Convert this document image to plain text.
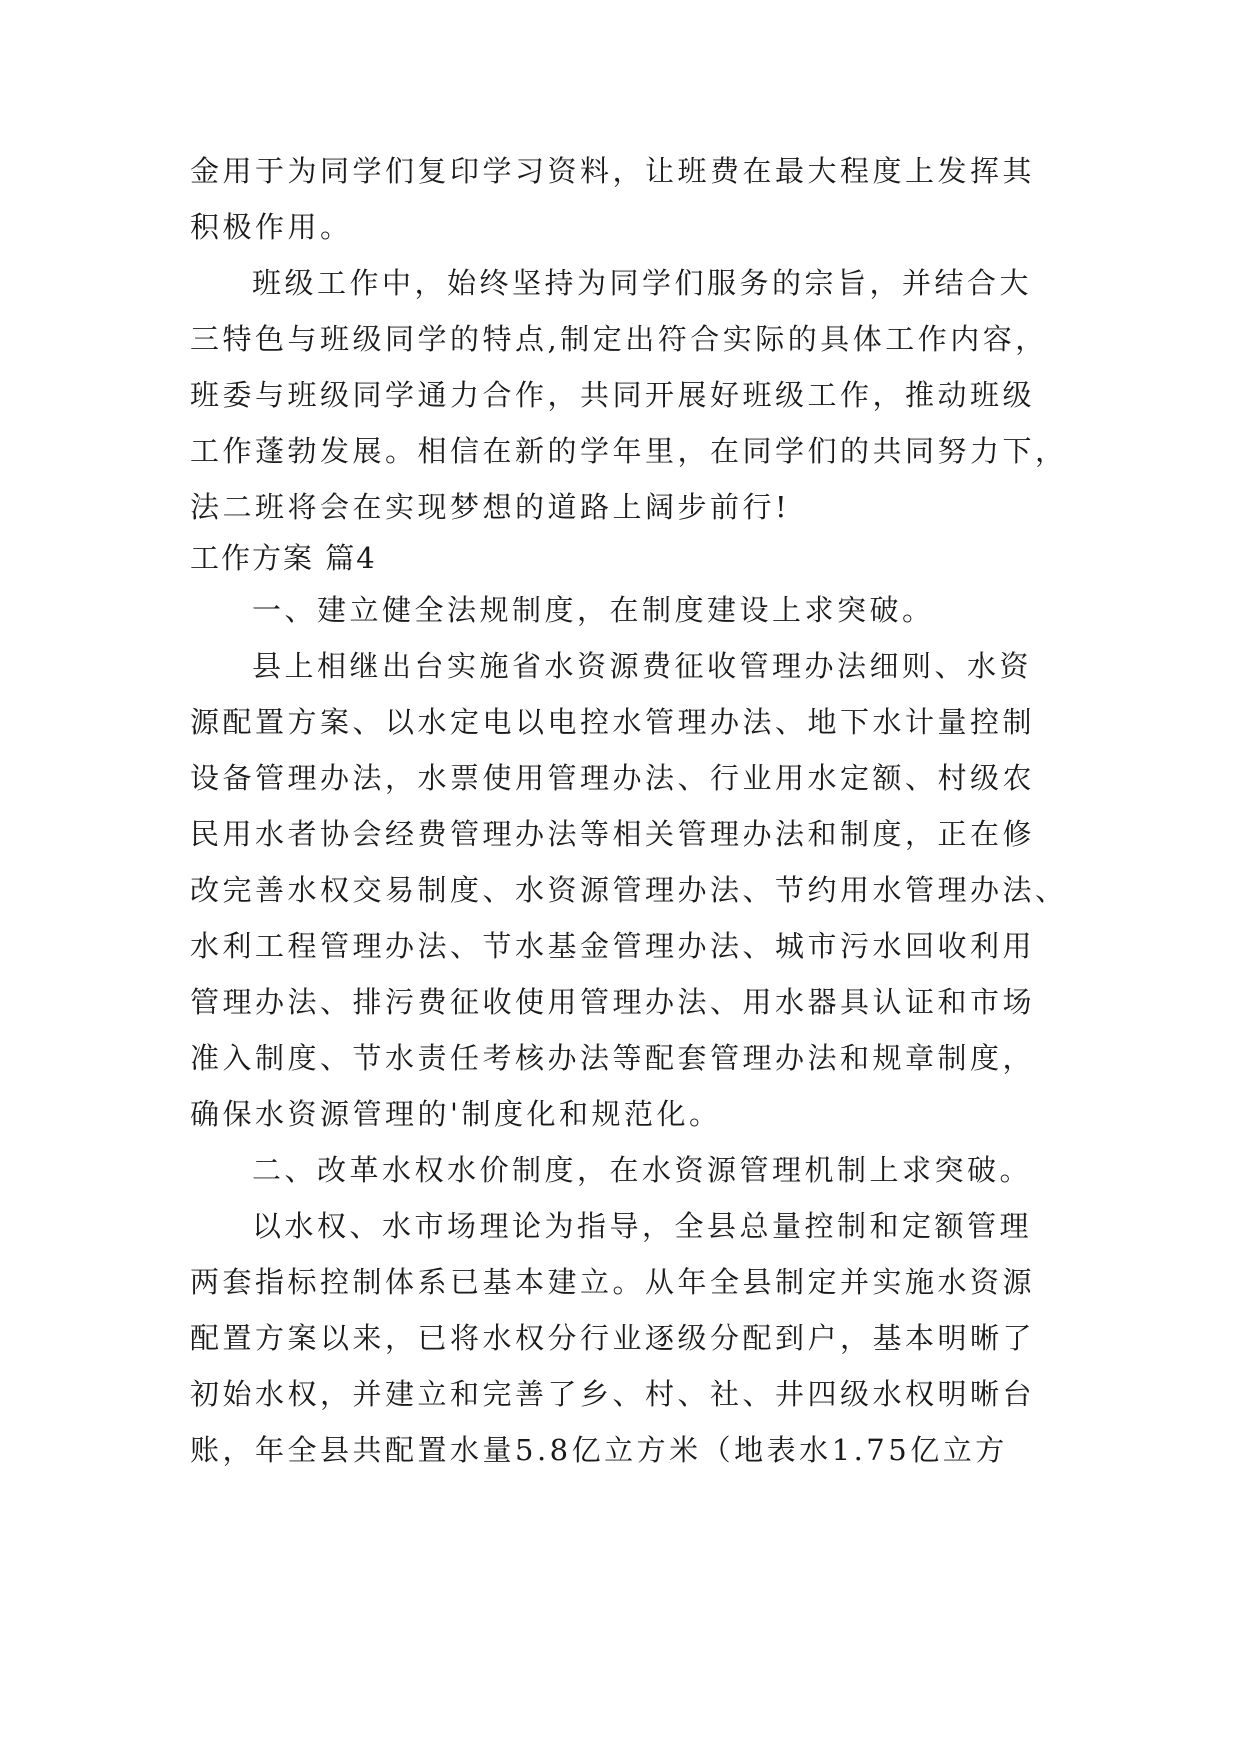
金用于为同学们复印学习资料，让班费在最大程度上发挥其
积极作用。
班级工作中，始终坚持为同学们服务的宗旨，并结合大
三特色与班级同学的特点,制定出符合实际的具体工作内容，
班委与班级同学通力合作，共同开展好班级工作，推动班级
工作蓬勃发展。相信在新的学年里，在同学们的共同努力下，
法二班将会在实现梦想的道路上阔步前行!
工作方案 篇4
一、建立健全法规制度，在制度建设上求突破。
县上相继出台实施省水资源费征收管理办法细则、水资
源配置方案、以水定电以电控水管理办法、地下水计量控制
设备管理办法，水票使用管理办法、行业用水定额、村级农
民用水者协会经费管理办法等相关管理办法和制度，正在修
改完善水权交易制度、水资源管理办法、节约用水管理办法、
水利工程管理办法、节水基金管理办法、城市污水回收利用
管理办法、排污费征收使用管理办法、用水器具认证和市场
准入制度、节水责任考核办法等配套管理办法和规章制度，
确保水资源管理的'制度化和规范化。
二、改革水权水价制度，在水资源管理机制上求突破。
以水权、水市场理论为指导，全县总量控制和定额管理
两套指标控制体系已基本建立。从年全县制定并实施水资源
配置方案以来，已将水权分行业逐级分配到户，基本明晰了
初始水权，并建立和完善了乡、村、社、井四级水权明晰台
账，年全县共配置水量5.8亿立方米（地表水1.75亿立方
